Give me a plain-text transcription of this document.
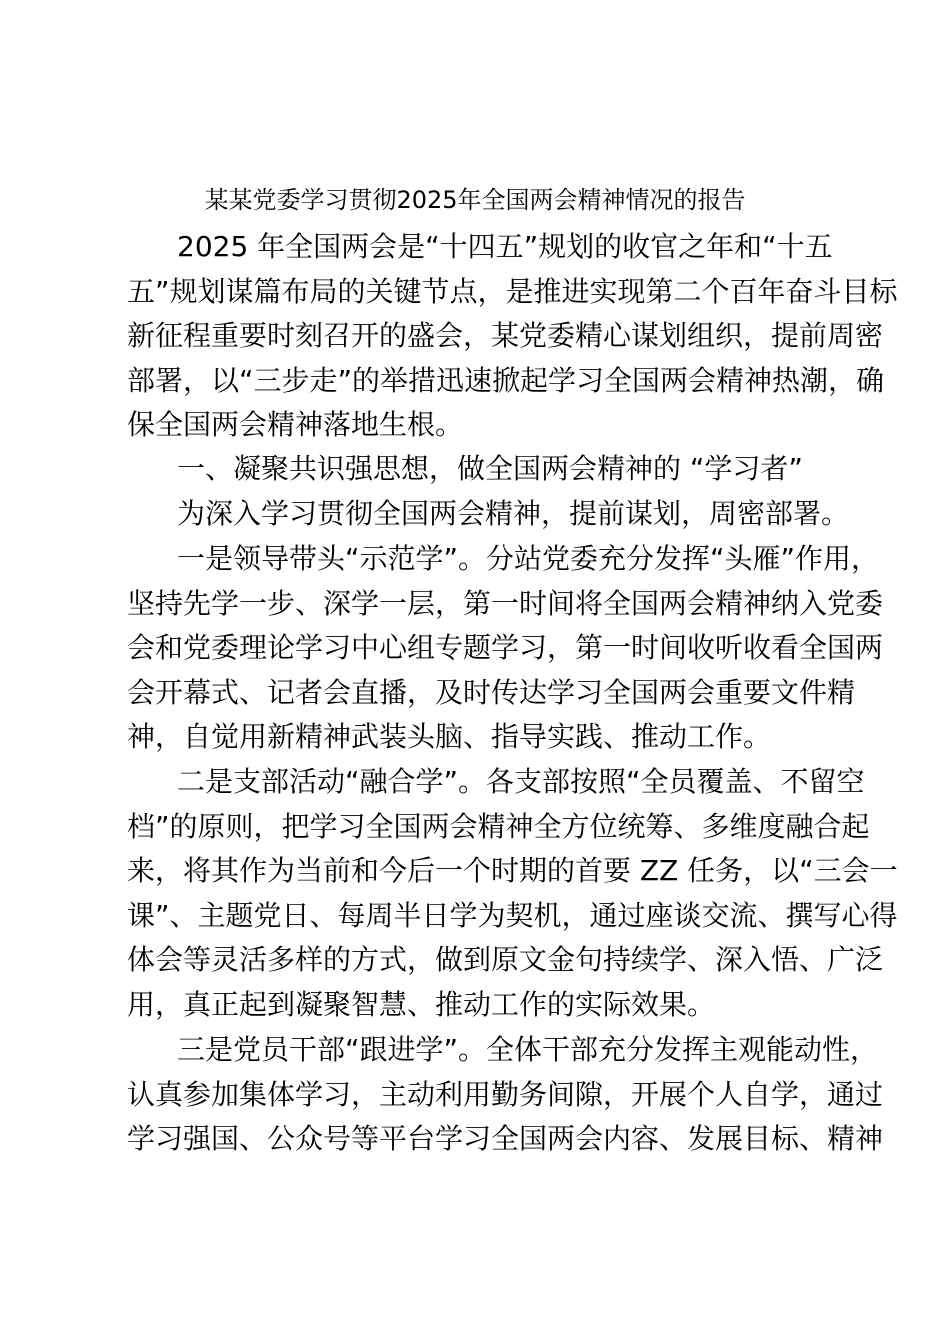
某某党委学习贯彻2025年全国两会精神情况的报告
2025 年全国两会是“十四五”规划的收官之年和“十五
五”规划谋篇布局的关键节点，是推进实现第二个百年奋斗目标
新征程重要时刻召开的盛会，某党委精心谋划组织，提前周密
部署，以“三步走”的举措迅速掀起学习全国两会精神热潮，确
保全国两会精神落地生根。
一、凝聚共识强思想，做全国两会精神的 “学习者”
为深入学习贯彻全国两会精神，提前谋划，周密部署。
一是领导带头“示范学”。分站党委充分发挥“头雁”作用，
坚持先学一步、深学一层，第一时间将全国两会精神纳入党委
会和党委理论学习中心组专题学习，第一时间收听收看全国两
会开幕式、记者会直播，及时传达学习全国两会重要文件精
神，自觉用新精神武装头脑、指导实践、推动工作。
二是支部活动“融合学”。各支部按照“全员覆盖、不留空
档”的原则，把学习全国两会精神全方位统筹、多维度融合起
来，将其作为当前和今后一个时期的首要 ZZ 任务，以“三会一
课”、主题党日、每周半日学为契机，通过座谈交流、撰写心得
体会等灵活多样的方式，做到原文金句持续学、深入悟、广泛
用，真正起到凝聚智慧、推动工作的实际效果。
三是党员干部“跟进学”。全体干部充分发挥主观能动性，
认真参加集体学习，主动利用勤务间隙，开展个人自学，通过
学习强国、公众号等平台学习全国两会内容、发展目标、精神
